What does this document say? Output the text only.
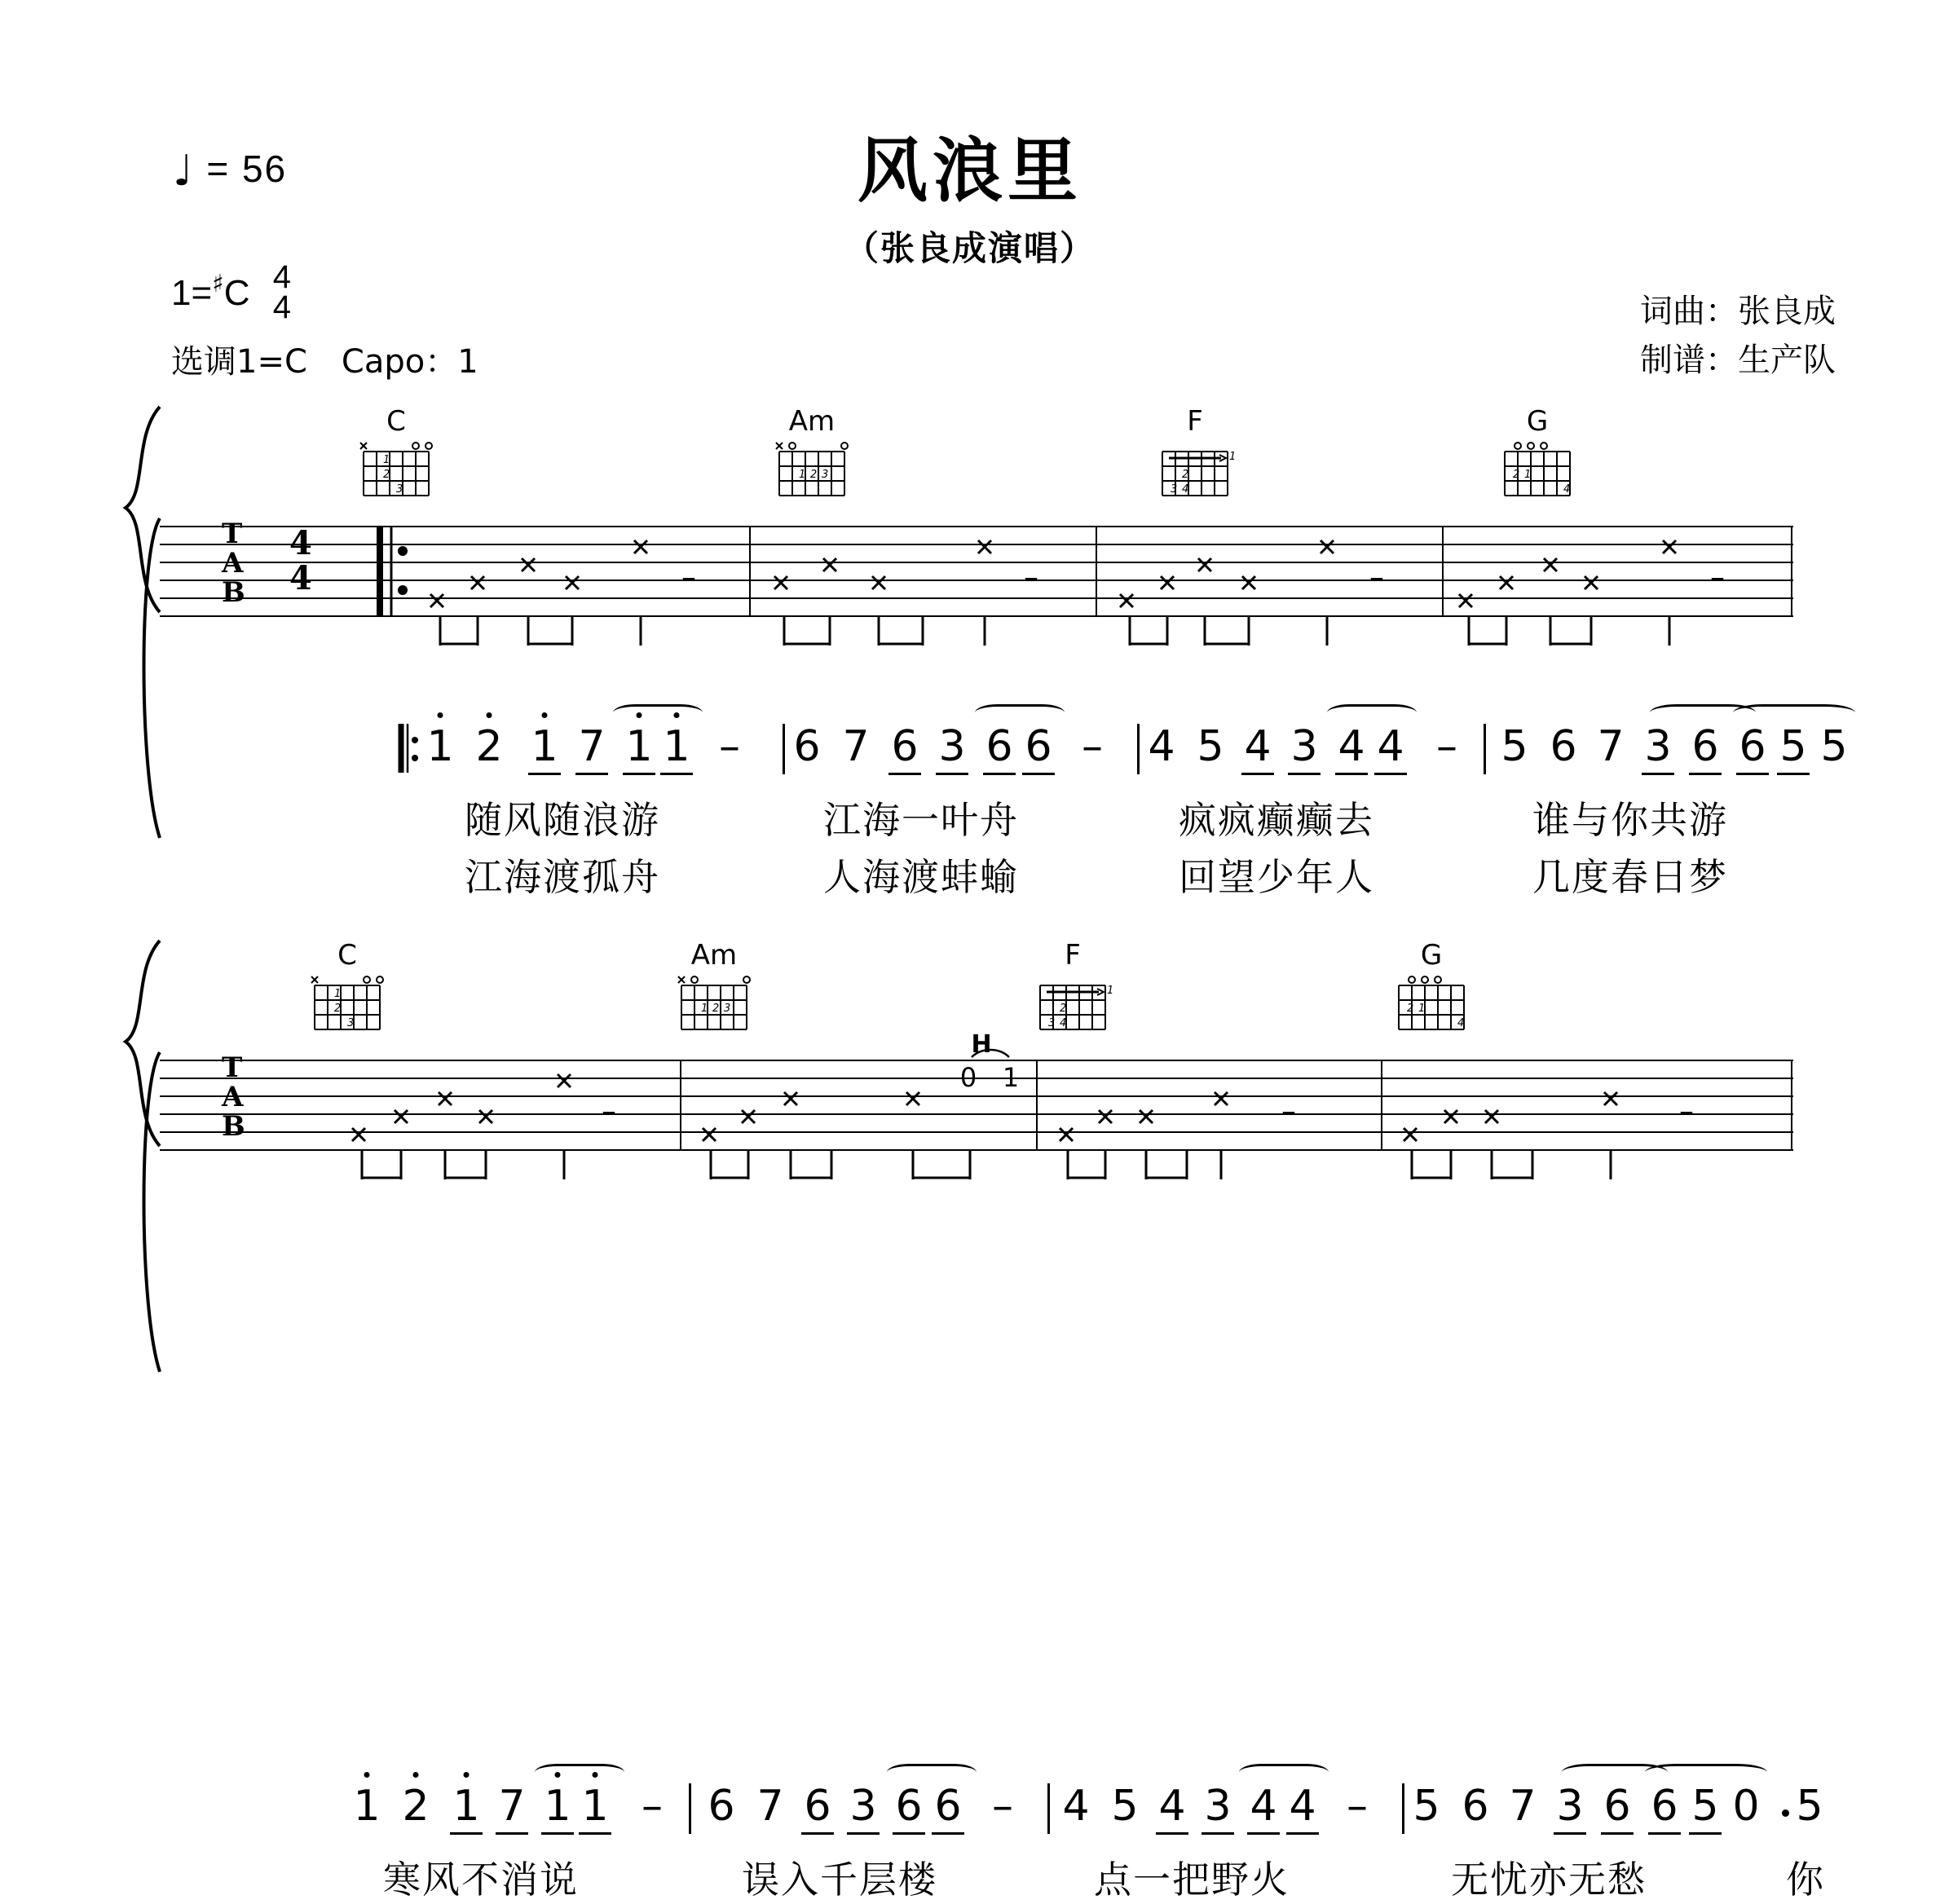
♩ = 56	风浪里
（张良成演唱）
1=♯C 4
4
选调1=C Capo：1
词曲：张良成
制谱：生产队
C
1
2
3
Am
2 3
1
F
1
2
3 4
G
2 1
4
T
A
B
4
4	–	–	–	–
1 2 1 7 1 1 – 6 7 6 3 6 6 – 4 5 4 3 4 4 – 5 6 7 3 6 6 5 5
随风随浪游	江海一叶舟	疯疯癫癫去	谁与你共游
江海渡孤舟	人海渡蚌蝓	回望少年人	几度春日梦
C
1
2
3
Am
2 3
1
F
1
2
3 4
G
2 1
4
T
A
B	–
0 1
H
–	–
1 2 1 7 1 1 – 6 7 6 3 6 6 – 4 5 4 3 4 4 – 5 6 7 3 6 6 5 0 5
寒风不消说	误入千层楼	点一把野火	无忧亦无愁	你
